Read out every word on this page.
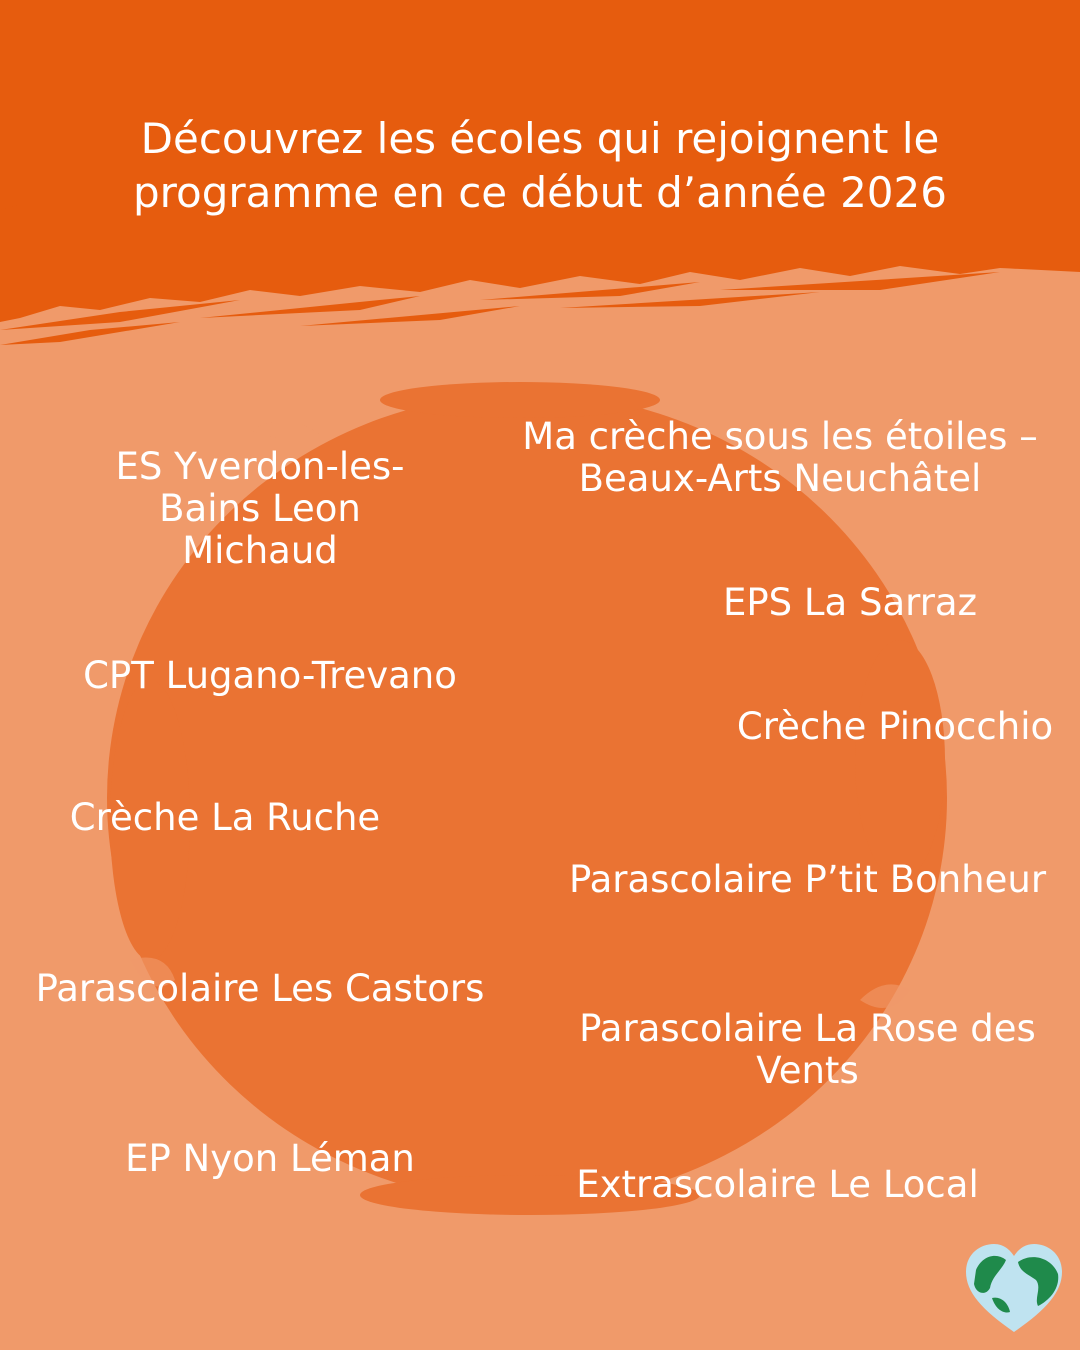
Découvrez les écoles qui rejoignent le
programme en ce début d’année 2026
ES Yverdon-les-Bains Leon Michaud
CPT Lugano-Trevano
Crèche La Ruche
Parascolaire Les Castors
EP Nyon Léman
Ma crèche sous les étoiles – Beaux-Arts Neuchâtel
EPS La Sarraz
Crèche Pinocchio
Parascolaire P’tit Bonheur
Parascolaire La Rose des Vents
Extrascolaire Le Local
